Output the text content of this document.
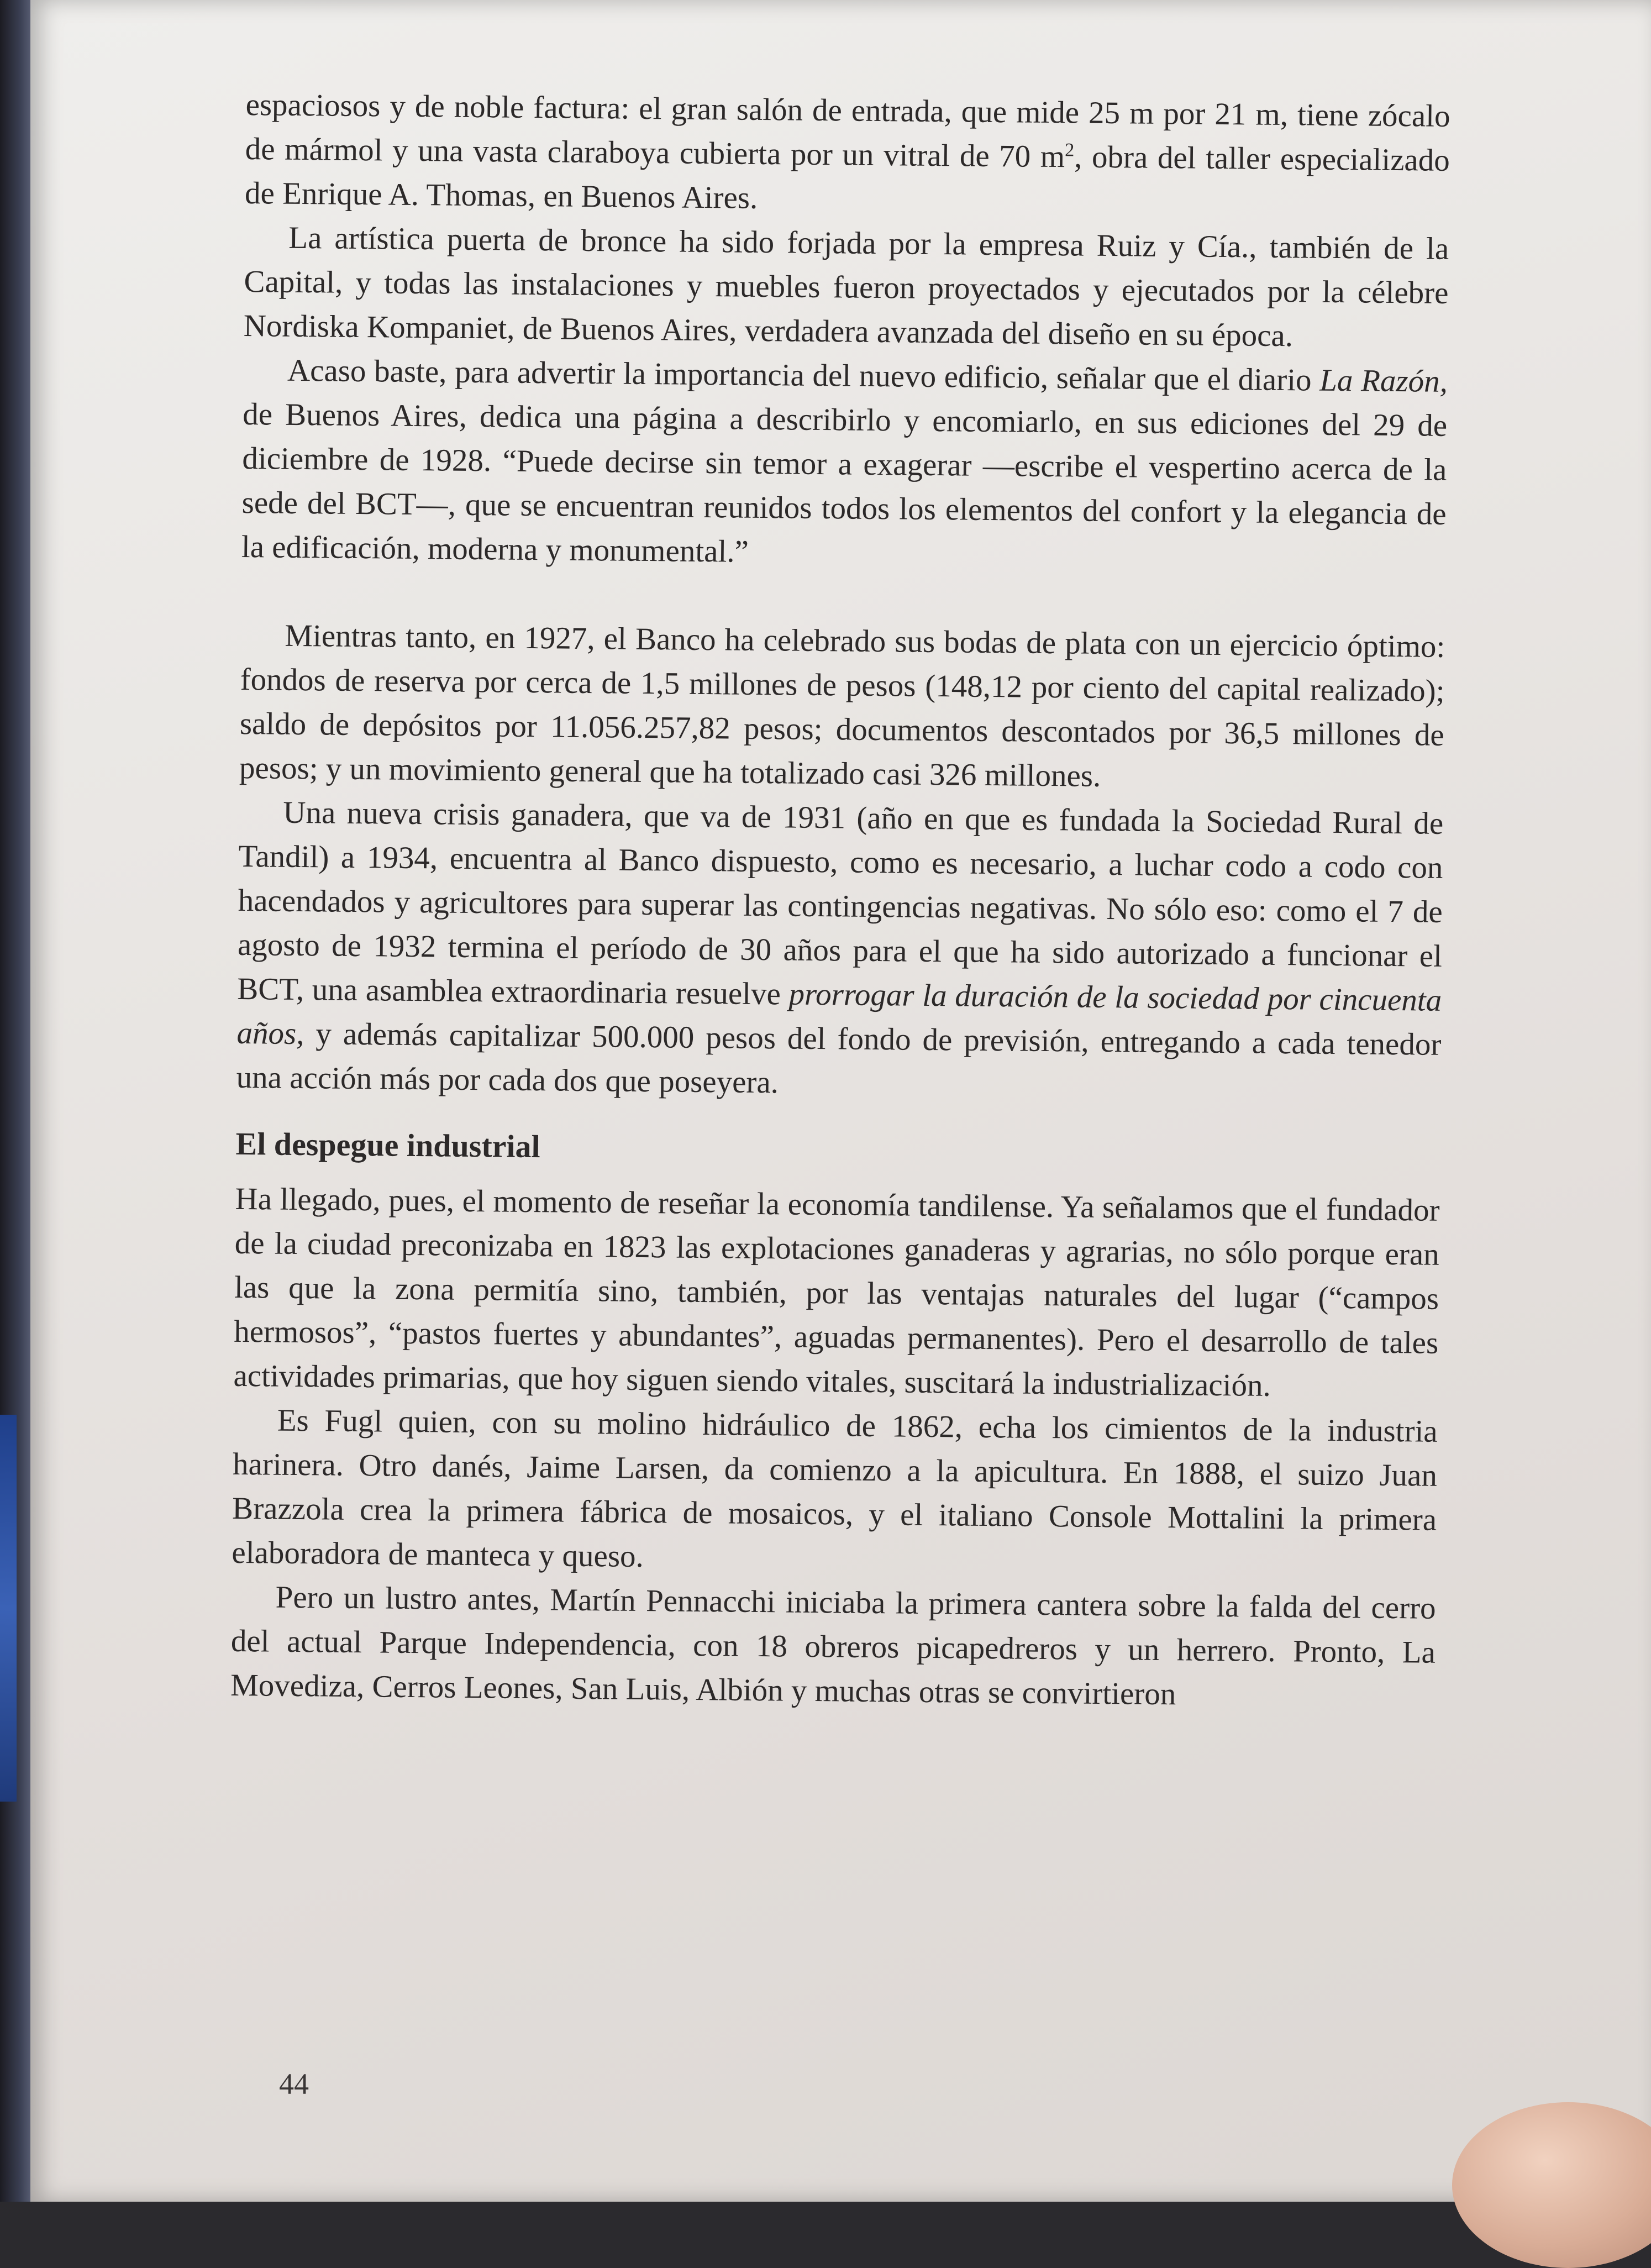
espaciosos y de noble factura: el gran salón de entrada, que mide 25 m por 21 m, tiene zócalo de mármol y una vasta claraboya cubierta por un vitral de 70 $m^2$, obra del taller especializado de Enrique A. Thomas, en Buenos Aires.

La artística puerta de bronce ha sido forjada por la empresa Ruiz y Cía., también de la Capital, y todas las instalaciones y muebles fueron proyectados y ejecutados por la célebre Nordiska Kompaniet, de Buenos Aires, verdadera avanzada del diseño en su época.

Acaso baste, para advertir la importancia del nuevo edificio, señalar que el diario La Razón, de Buenos Aires, dedica una página a describirlo y encomiarlo, en sus ediciones del 29 de diciembre de 1928. “Puede decirse sin temor a exagerar —escribe el vespertino acerca de la sede del BCT—, que se encuentran reunidos todos los elementos del confort y la elegancia de la edificación, moderna y monumental.”

Mientras tanto, en 1927, el Banco ha celebrado sus bodas de plata con un ejercicio óptimo: fondos de reserva por cerca de 1,5 millones de pesos (148,12 por ciento del capital realizado); saldo de depósitos por 11.056.257,82 pesos; documentos descontados por 36,5 millones de pesos; y un movimiento general que ha totalizado casi 326 millones.

Una nueva crisis ganadera, que va de 1931 (año en que es fundada la Sociedad Rural de Tandil) a 1934, encuentra al Banco dispuesto, como es necesario, a luchar codo a codo con hacendados y agricultores para superar las contingencias negativas. No sólo eso: como el 7 de agosto de 1932 termina el período de 30 años para el que ha sido autorizado a funcionar el BCT, una asamblea extraordinaria resuelve prorrogar la duración de la sociedad por cincuenta años, y además capitalizar 500.000 pesos del fondo de previsión, entregando a cada tenedor una acción más por cada dos que poseyera.

El despegue industrial

Ha llegado, pues, el momento de reseñar la economía tandilense. Ya señalamos que el fundador de la ciudad preconizaba en 1823 las explotaciones ganaderas y agrarias, no sólo porque eran las que la zona permitía sino, también, por las ventajas naturales del lugar (“campos hermosos”, “pastos fuertes y abundantes”, aguadas permanentes). Pero el desarrollo de tales actividades primarias, que hoy siguen siendo vitales, suscitará la industrialización.

Es Fugl quien, con su molino hidráulico de 1862, echa los cimientos de la industria harinera. Otro danés, Jaime Larsen, da comienzo a la apicultura. En 1888, el suizo Juan Brazzola crea la primera fábrica de mosaicos, y el italiano Console Mottalini la primera elaboradora de manteca y queso.

Pero un lustro antes, Martín Pennacchi iniciaba la primera cantera sobre la falda del cerro del actual Parque Independencia, con 18 obreros picapedreros y un herrero. Pronto, La Movediza, Cerros Leones, San Luis, Albión y muchas otras se convirtieron

44
